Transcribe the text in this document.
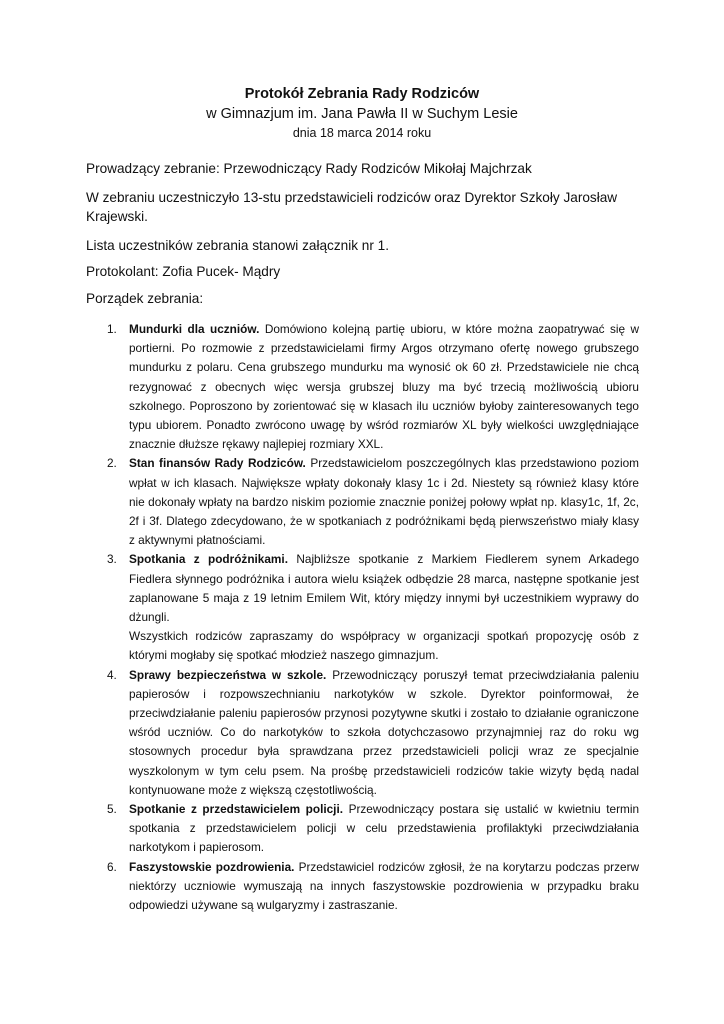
Protokół Zebrania Rady Rodziców
w Gimnazjum im. Jana Pawła II w Suchym Lesie
dnia 18 marca 2014 roku
Prowadzący zebranie: Przewodniczący Rady Rodziców Mikołaj Majchrzak
W zebraniu uczestniczyło 13-stu przedstawicieli rodziców oraz Dyrektor Szkoły Jarosław Krajewski.
Lista uczestników zebrania stanowi załącznik nr 1.
Protokolant: Zofia Pucek- Mądry
Porządek zebrania:
1. Mundurki dla uczniów. Domówiono kolejną partię ubioru, w które można zaopatrywać się w portierni. Po rozmowie z przedstawicielami firmy Argos otrzymano ofertę nowego grubszego mundurku z polaru. Cena grubszego mundurku ma wynosić ok 60 zł. Przedstawiciele nie chcą rezygnować z obecnych więc wersja grubszej bluzy ma być trzecią możliwością ubioru szkolnego. Poproszono by zorientować się w klasach ilu uczniów byłoby zainteresowanych tego typu ubiorem. Ponadto zwrócono uwagę by wśród rozmiarów XL były wielkości uwzględniające znacznie dłuższe rękawy najlepiej rozmiary XXL.
2. Stan finansów Rady Rodziców. Przedstawicielom poszczególnych klas przedstawiono poziom wpłat w ich klasach. Największe wpłaty dokonały klasy 1c i 2d. Niestety są również klasy które nie dokonały wpłaty na bardzo niskim poziomie znacznie poniżej połowy wpłat np. klasy1c, 1f, 2c, 2f i 3f. Dlatego zdecydowano, że w spotkaniach z podróżnikami będą pierwszeństwo miały klasy z aktywnymi płatnościami.
3. Spotkania z podróżnikami. Najbliższe spotkanie z Markiem Fiedlerem synem Arkadego Fiedlera słynnego podróżnika i autora wielu książek odbędzie 28 marca, następne spotkanie jest zaplanowane 5 maja z 19 letnim Emilem Wit, który między innymi był uczestnikiem wyprawy do dżungli.
Wszystkich rodziców zapraszamy do współpracy w organizacji spotkań propozycję osób z którymi mogłaby się spotkać młodzież naszego gimnazjum.
4. Sprawy bezpieczeństwa w szkole. Przewodniczący poruszył temat przeciwdziałania paleniu papierosów i rozpowszechnianiu narkotyków w szkole. Dyrektor poinformował, że przeciwdziałanie paleniu papierosów przynosi pozytywne skutki i zostało to działanie ograniczone wśród uczniów. Co do narkotyków to szkoła dotychczasowo przynajmniej raz do roku wg stosownych procedur była sprawdzana przez przedstawicieli policji wraz ze specjalnie wyszkolonym w tym celu psem. Na prośbę przedstawicieli rodziców takie wizyty będą nadal kontynuowane może z większą częstotliwością.
5. Spotkanie z przedstawicielem policji. Przewodniczący postara się ustalić w kwietniu termin spotkania z przedstawicielem policji w celu przedstawienia profilaktyki przeciwdziałania narkotykom i papierosom.
6. Faszystowskie pozdrowienia. Przedstawiciel rodziców zgłosił, że na korytarzu podczas przerw niektórzy uczniowie wymuszają na innych faszystowskie pozdrowienia w przypadku braku odpowiedzi używane są wulgaryzmy i zastraszanie.
